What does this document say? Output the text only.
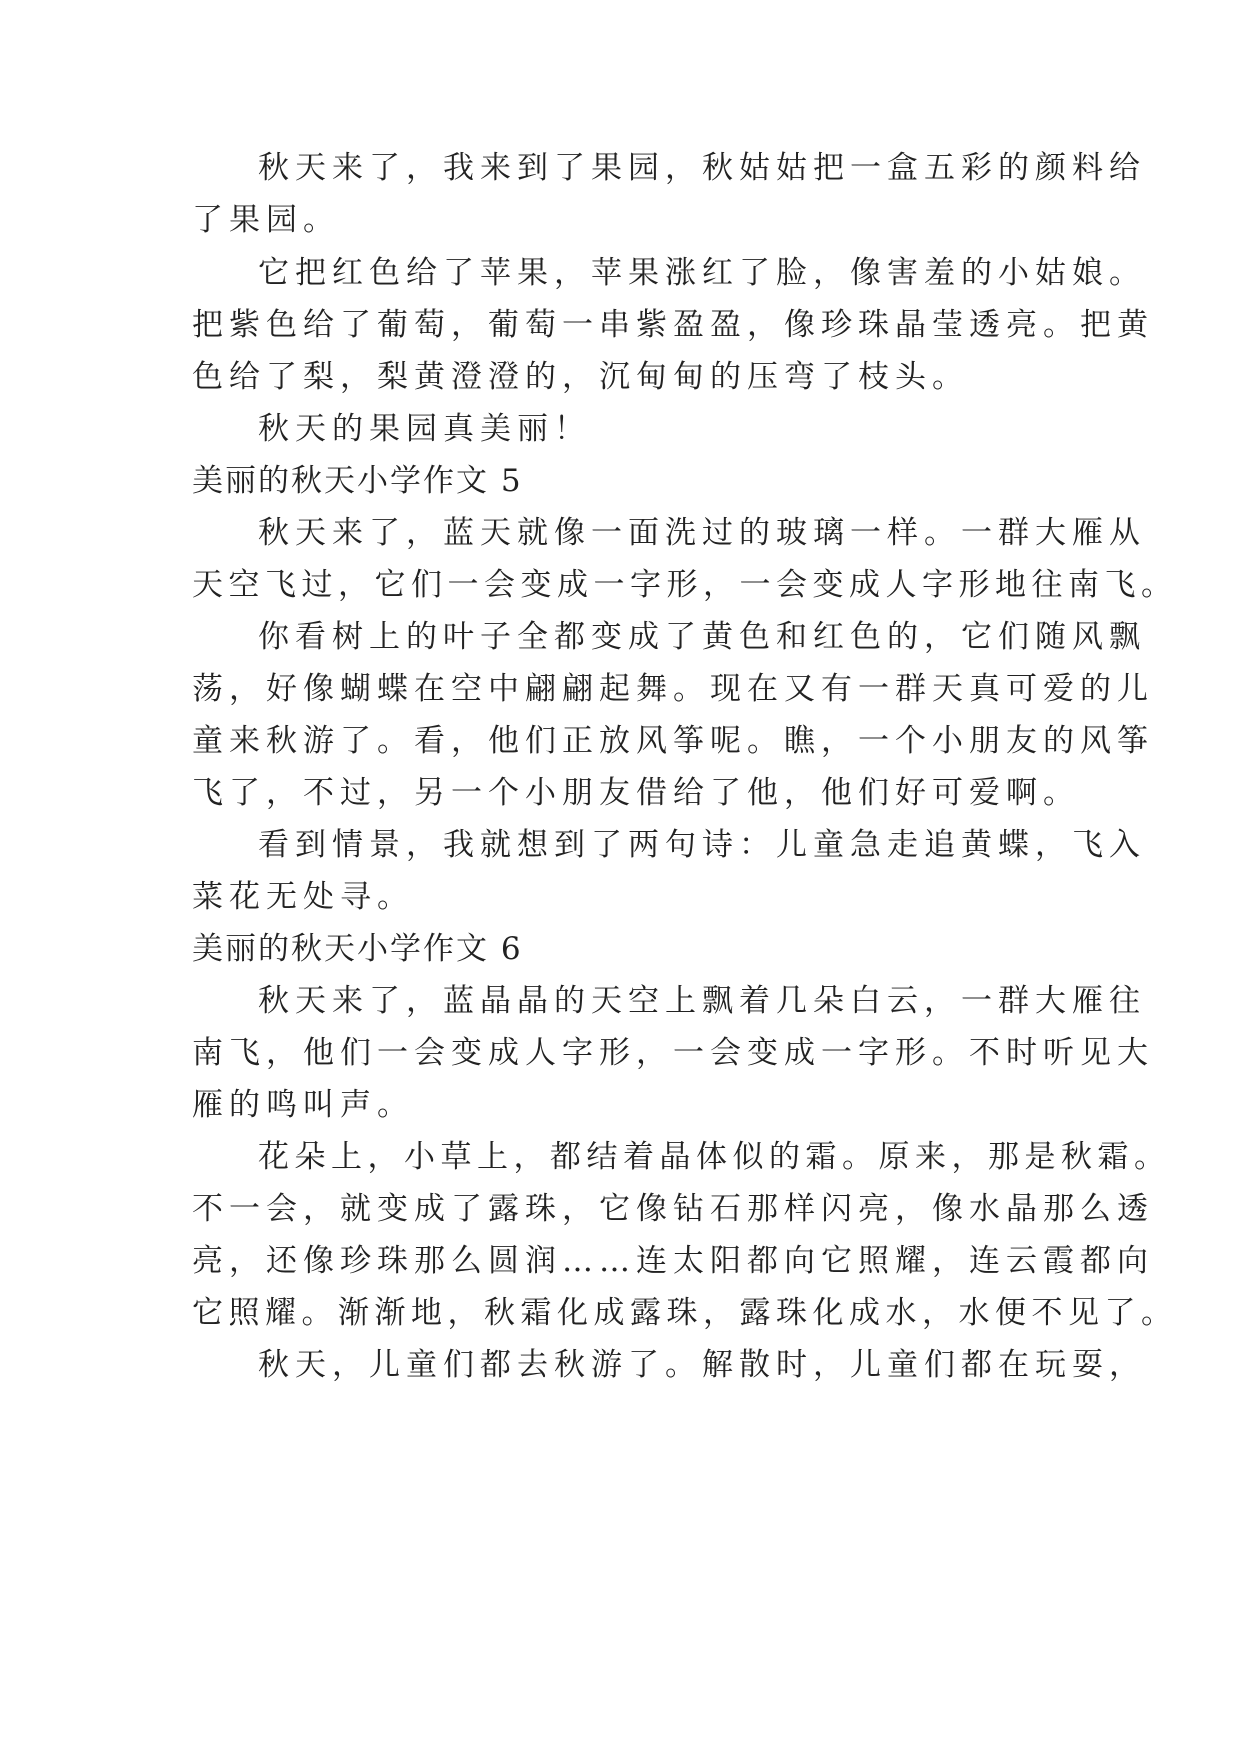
秋天来了，我来到了果园，秋姑姑把一盒五彩的颜料给
了果园。
它把红色给了苹果，苹果涨红了脸，像害羞的小姑娘。
把紫色给了葡萄，葡萄一串紫盈盈，像珍珠晶莹透亮。把黄
色给了梨，梨黄澄澄的，沉甸甸的压弯了枝头。
秋天的果园真美丽！
美丽的秋天小学作文 5
秋天来了，蓝天就像一面洗过的玻璃一样。一群大雁从
天空飞过，它们一会变成一字形，一会变成人字形地往南飞。
你看树上的叶子全都变成了黄色和红色的，它们随风飘
荡，好像蝴蝶在空中翩翩起舞。现在又有一群天真可爱的儿
童来秋游了。看，他们正放风筝呢。瞧，一个小朋友的风筝
飞了，不过，另一个小朋友借给了他，他们好可爱啊。
看到情景，我就想到了两句诗：儿童急走追黄蝶，飞入
菜花无处寻。
美丽的秋天小学作文 6
秋天来了，蓝晶晶的天空上飘着几朵白云，一群大雁往
南飞，他们一会变成人字形，一会变成一字形。不时听见大
雁的鸣叫声。
花朵上，小草上，都结着晶体似的霜。原来，那是秋霜。
不一会，就变成了露珠，它像钻石那样闪亮，像水晶那么透
亮，还像珍珠那么圆润……连太阳都向它照耀，连云霞都向
它照耀。渐渐地，秋霜化成露珠，露珠化成水，水便不见了。
秋天，儿童们都去秋游了。解散时，儿童们都在玩耍，
